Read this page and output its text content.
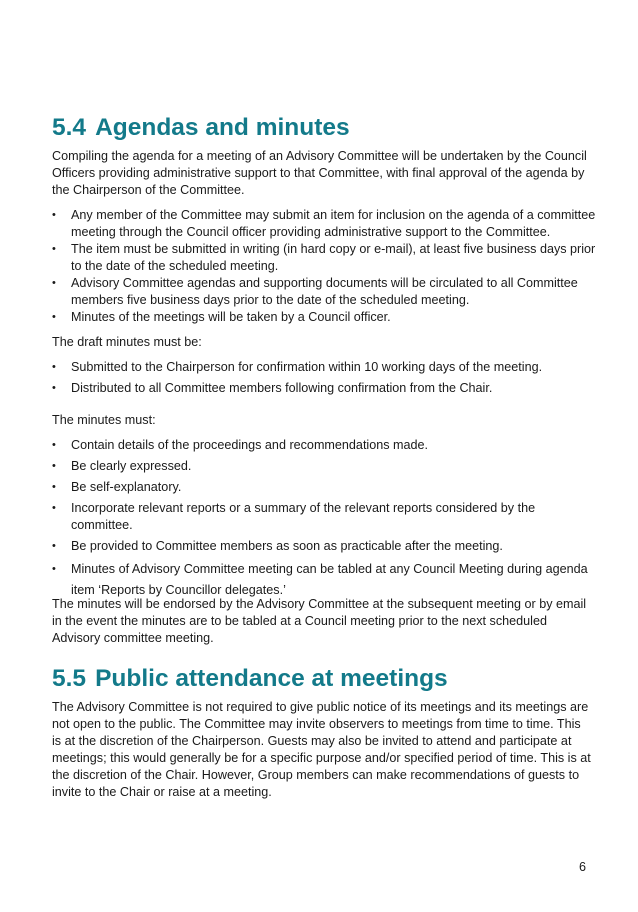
5.4 Agendas and minutes

Compiling the agenda for a meeting of an Advisory Committee will be undertaken by the Council Officers providing administrative support to that Committee, with final approval of the agenda by the Chairperson of the Committee.

• Any member of the Committee may submit an item for inclusion on the agenda of a committee meeting through the Council officer providing administrative support to the Committee.
• The item must be submitted in writing (in hard copy or e-mail), at least five business days prior to the date of the scheduled meeting.
• Advisory Committee agendas and supporting documents will be circulated to all Committee members five business days prior to the date of the scheduled meeting.
• Minutes of the meetings will be taken by a Council officer.

The draft minutes must be:

• Submitted to the Chairperson for confirmation within 10 working days of the meeting.
• Distributed to all Committee members following confirmation from the Chair.

The minutes must:

• Contain details of the proceedings and recommendations made.
• Be clearly expressed.
• Be self-explanatory.
• Incorporate relevant reports or a summary of the relevant reports considered by the committee.
• Be provided to Committee members as soon as practicable after the meeting.
• Minutes of Advisory Committee meeting can be tabled at any Council Meeting during agenda item ‘Reports by Councillor delegates.’

The minutes will be endorsed by the Advisory Committee at the subsequent meeting or by email in the event the minutes are to be tabled at a Council meeting prior to the next scheduled Advisory committee meeting.

5.5 Public attendance at meetings

The Advisory Committee is not required to give public notice of its meetings and its meetings are not open to the public. The Committee may invite observers to meetings from time to time. This is at the discretion of the Chairperson. Guests may also be invited to attend and participate at meetings; this would generally be for a specific purpose and/or specified period of time. This is at the discretion of the Chair. However, Group members can make recommendations of guests to invite to the Chair or raise at a meeting.

6
